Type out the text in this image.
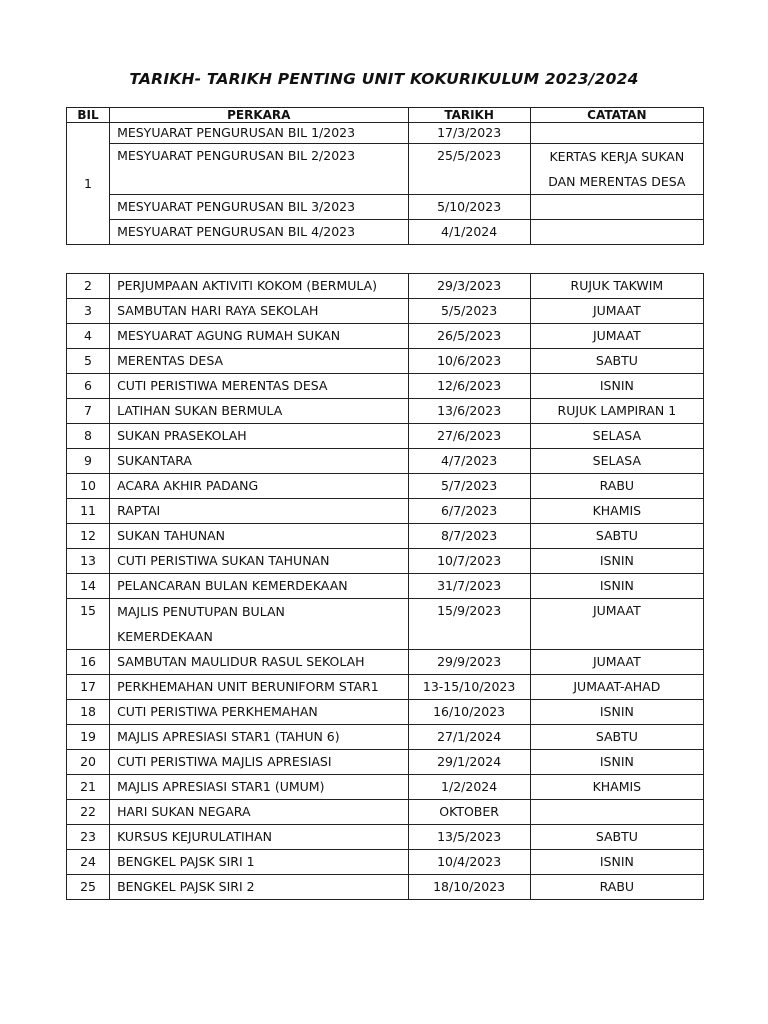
TARIKH- TARIKH PENTING UNIT KOKURIKULUM 2023/2024
BIL	PERKARA	TARIKH	CATATAN
1	MESYUARAT PENGURUSAN BIL 1/2023	17/3/2023	
	MESYUARAT PENGURUSAN BIL 2/2023	25/5/2023	KERTAS KERJA SUKAN
DAN MERENTAS DESA

	MESYUARAT PENGURUSAN BIL 3/2023	5/10/2023	
	MESYUARAT PENGURUSAN BIL 4/2023	4/1/2024	
2	PERJUMPAAN AKTIVITI KOKOM (BERMULA)	29/3/2023	RUJUK TAKWIM
3	SAMBUTAN HARI RAYA SEKOLAH	5/5/2023	JUMAAT
4	MESYUARAT AGUNG RUMAH SUKAN	26/5/2023	JUMAAT
5	MERENTAS DESA	10/6/2023	SABTU
6	CUTI PERISTIWA MERENTAS DESA	12/6/2023	ISNIN
7	LATIHAN SUKAN BERMULA	13/6/2023	RUJUK LAMPIRAN 1
8	SUKAN PRASEKOLAH	27/6/2023	SELASA
9	SUKANTARA	4/7/2023	SELASA
10	ACARA AKHIR PADANG	5/7/2023	RABU
11	RAPTAI	6/7/2023	KHAMIS
12	SUKAN TAHUNAN	8/7/2023	SABTU
13	CUTI PERISTIWA SUKAN TAHUNAN	10/7/2023	ISNIN
14	PELANCARAN BULAN KEMERDEKAAN	31/7/2023	ISNIN
15	MAJLIS PENUTUPAN BULAN
KEMERDEKAAN	15/9/2023	JUMAAT
16	SAMBUTAN MAULIDUR RASUL SEKOLAH	29/9/2023	JUMAAT
17	PERKHEMAHAN UNIT BERUNIFORM STAR1	13-15/10/2023	JUMAAT-AHAD
18	CUTI PERISTIWA PERKHEMAHAN	16/10/2023	ISNIN
19	MAJLIS APRESIASI STAR1 (TAHUN 6)	27/1/2024	SABTU
20	CUTI PERISTIWA MAJLIS APRESIASI	29/1/2024	ISNIN
21	MAJLIS APRESIASI STAR1 (UMUM)	1/2/2024	KHAMIS
22	HARI SUKAN NEGARA	OKTOBER	
23	KURSUS KEJURULATIHAN	13/5/2023	SABTU
24	BENGKEL PAJSK SIRI 1	10/4/2023	ISNIN
25	BENGKEL PAJSK SIRI 2	18/10/2023	RABU
